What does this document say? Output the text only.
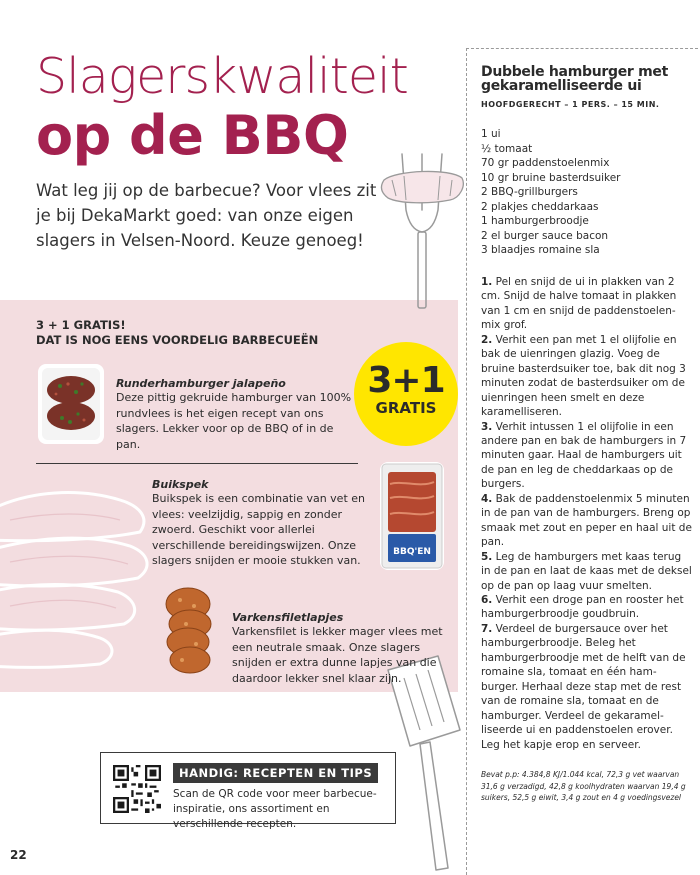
Slagerskwaliteit
op de BBQ

Wat leg jij op de barbecue? Voor vlees zit je bij DekaMarkt goed: van onze eigen slagers in Velsen-Noord. Keuze genoeg!

3 + 1 GRATIS!
DAT IS NOG EENS VOORDELIG BARBECUEËN
3+1
GRATIS
Runderhamburger jalapeño

Deze pittig gekruide hamburger van 100% rundvlees is het eigen recept van ons slagers. Lekker voor op de BBQ of in de pan.

BBQ'EN
Buikspek

Buikspek is een combinatie van vet en vlees: veelzijdig, sappig en zonder zwoerd. Geschikt voor allerlei verschillende bereidingswijzen. Onze slagers snijden er mooie stukken van.

Varkensfiletlapjes

Varkensfilet is lekker mager vlees met een neutrale smaak. Onze slagers snijden er extra dunne lapjes van die daardoor lekker snel klaar zijn.

HANDIG: RECEPTEN EN TIPS

Scan de QR code voor meer barbecue-inspiratie, ons assortiment en verschillende recepten.

22
Dubbele hamburger met gekaramelliseerde ui
HOOFDGERECHT – 1 PERS. – 15 MIN.
1 ui
½ tomaat
70 gr paddenstoelenmix
10 gr bruine basterdsuiker
2 BBQ-grillburgers
2 plakjes cheddarkaas
1 hamburgerbroodje
2 el burger sauce bacon
3 blaadjes romaine sla

1. Pel en snijd de ui in plakken van 2 cm. Snijd de halve tomaat in plakken van 1 cm en snijd de paddenstoelen-mix grof.

2. Verhit een pan met 1 el olijfolie en bak de uienringen glazig. Voeg de bruine basterdsuiker toe, bak dit nog 3 minuten zodat de basterdsuiker om de uienringen heen smelt en deze karamelliseren.

3. Verhit intussen 1 el olijfolie in een andere pan en bak de hamburgers in 7 minuten gaar. Haal de hamburgers uit de pan en leg de cheddarkaas op de burgers.

4. Bak de paddenstoelenmix 5 minuten in de pan van de hamburgers. Breng op smaak met zout en peper en haal uit de pan.

5. Leg de hamburgers met kaas terug in de pan en laat de kaas met de deksel op de pan op laag vuur smelten.

6. Verhit een droge pan en rooster het hamburgerbroodje goudbruin.

7. Verdeel de burgersauce over het hamburgerbroodje. Beleg het hamburgerbroodje met de helft van de romaine sla, tomaat en één ham-burger. Herhaal deze stap met de rest van de romaine sla, tomaat en de hamburger. Verdeel de gekaramel-liseerde ui en paddenstoelen erover. Leg het kapje erop en serveer.

Bevat p.p: 4.384,8 KJ/1.044 kcal, 72,3 g vet waarvan 31,6 g verzadigd, 42,8 g koolhydraten waarvan 19,4 g suikers, 52,5 g eiwit, 3,4 g zout en 4 g voedingsvezel
